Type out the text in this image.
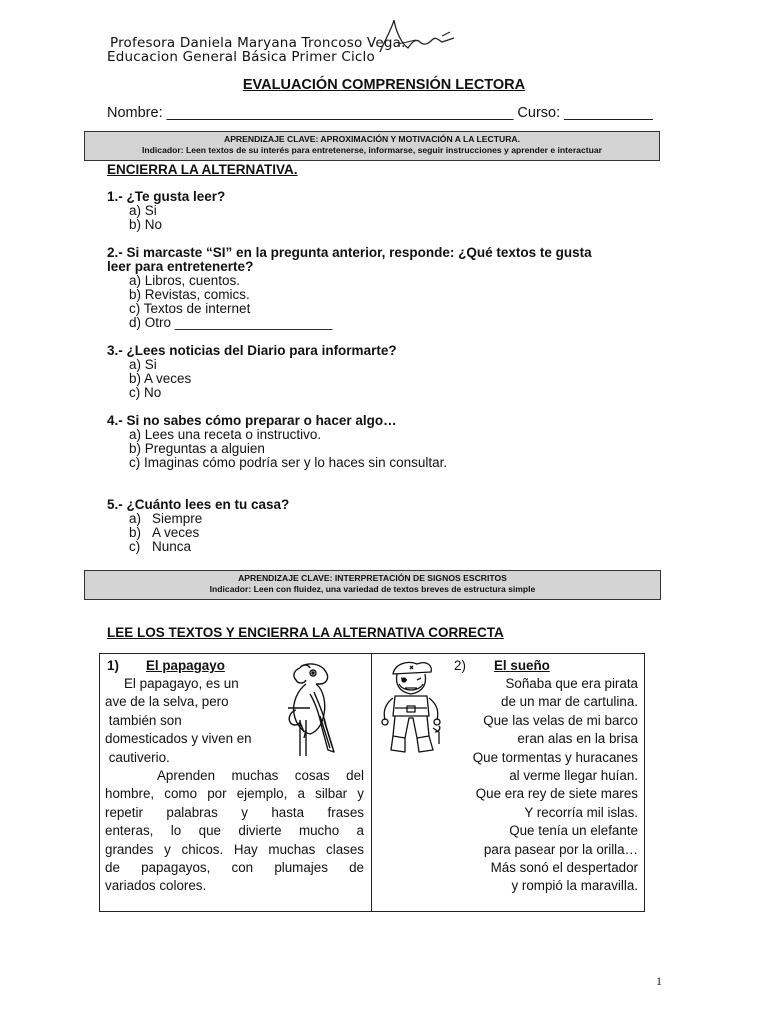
Profesora Daniela Maryana Troncoso Vega.
Educacion General Básica Primer Ciclo
EVALUACIÓN COMPRENSIÓN LECTORA
Nombre: ___________________________________________ Curso: ___________
APRENDIZAJE CLAVE: APROXIMACIÓN Y MOTIVACIÓN A LA LECTURA.
Indicador: Leen textos de su interés para entretenerse, informarse, seguir instrucciones y aprender e interactuar
ENCIERRA LA ALTERNATIVA.
1.- ¿Te gusta leer?
a) Si
b) No
2.- Si marcaste “SI” en la pregunta anterior, responde: ¿Qué textos te gusta
leer para entretenerte?
a) Libros, cuentos.
b) Revistas, comics.
c) Textos de internet
d) Otro _____________________
3.- ¿Lees noticias del Diario para informarte?
a) Si
b) A veces
c) No
4.- Si no sabes cómo preparar o hacer algo…
a) Lees una receta o instructivo.
b) Preguntas a alguien
c) Imaginas cómo podría ser y lo haces sin consultar.
5.- ¿Cuánto lees en tu casa?
a) Siempre
b) A veces
c) Nunca
APRENDIZAJE CLAVE: INTERPRETACIÓN DE SIGNOS ESCRITOS
Indicador: Leen con fluidez, una variedad de textos breves de estructura simple
LEE LOS TEXTOS Y ENCIERRA LA ALTERNATIVA CORRECTA
1) El papagayo
El papagayo, es un
ave de la selva, pero
también son
domesticados y viven en
cautiverio.
Aprenden muchas cosas del
hombre, como por ejemplo, a silbar y
repetir palabras y hasta frases
enteras, lo que divierte mucho a
grandes y chicos. Hay muchas clases
de papagayos, con plumajes de
variados colores.
2) El sueño
Soñaba que era pirata
de un mar de cartulina.
Que las velas de mi barco
eran alas en la brisa
Que tormentas y huracanes
al verme llegar huían.
Que era rey de siete mares
Y recorría mil islas.
Que tenía un elefante
para pasear por la orilla…
Más sonó el despertador
y rompió la maravilla.
1
